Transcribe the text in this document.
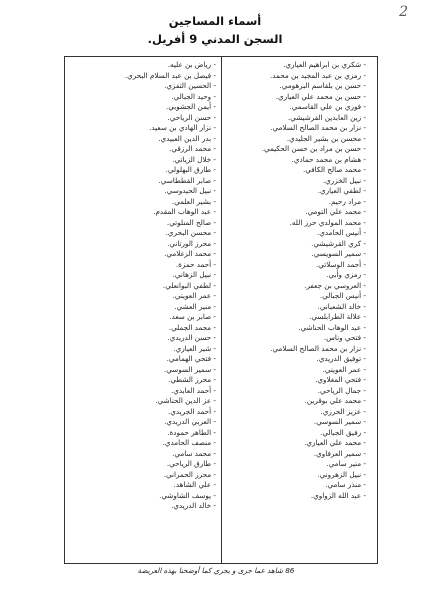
2
أسماء المساجين
السجن المدني 9 أفريل.
- شكري بن ابراهيم العياري.
- رمزي بن عبد المجيد بن محمد.
- حسن بن بلقاسم البرهومي.
- حسن بن محمد علي العياري.
- فوزي بن علي القاسمي.
- زين العابدين القرشيشي.
- نزار بن محمد الصالح السلامي.
- محسن بن بشير الجليدي.
- حسن بن مراد بن حسن الحكيمي.
- هشام بن محمد حمادي.
- محمد صالح الكافي.
- نبيل الخزري.
- لطفي العياري.
- مراد رحيم.
- محمد علي التومي.
- محمد المولدي حرز الله.
- أنيس الحامدي.
- كري القرشيشي.
- سمير السويسي.
- أحمد الوسلاتي.
- رمزي وأبي.
- العروسي بن جعفر.
- أنيس الجبالي.
- خالد الشعباني.
- علالة الطرابلسي.
- عبد الوهاب الحناشي.
- فتحي وناس.
- نزار بن محمد الصالح السلامي.
- توفيق الدريدي.
- عمر العويني.
- فتحي المغلاوي.
- جمال الرياحي.
- محمد علي بوقرين.
- عزيز الحرزي.
- سمير السوسي.
- رفيق الجبالي.
- محمد علي العياري.
- سمير العرفاوي.
- منير سامي.
- نبيل الزهروني.
- منذر سامي.
- عبد الله الزواوي.
- رياض بن عليه.
- فيصل بن عبد السلام البحري.
- الحسين التفزي.
- وحيد الجبالي.
- أيمن الجشوبي.
- حسن الرياحي.
- نزار الهادي بن سعيد.
- بدر الدين العبيدي.
- محمد الرزقي.
- خلال الزياتي.
- طارق البهلولي.
- صابر القططاسي.
- نبيل الحيدوسي.
- بشير العلمي.
- عبد الوهاب المقدم.
- صالح المنلوتي.
- محسن البحري.
- محرز الورتاني.
- محمد الزغلامي.
- أحمد حمزة.
- نبيل الزهاني.
- لطفي البوانعلي.
- عمر العويني.
- منير العشي.
- صابر بن سعد.
- محمد الجملي.
- حسن الدريدي.
- شير العياري.
- فتحي الهمامي.
- سمير السوسي.
- محرز الشطي.
- أحمد العابدي.
- عز الدين الحناشي.
- أحمد الجريدي.
- العربي الدريدي.
- الطاهر حمودة.
- منصف الحامدي.
- محمد سامي.
- طارق الرياحي.
- محرز الحمراني.
- علي الشاهد.
- يوسف الشاوشي.
- خالد الدريدي.
86 شاهد عما جرى و يجري كما أوضحنا بهذه العريضة
